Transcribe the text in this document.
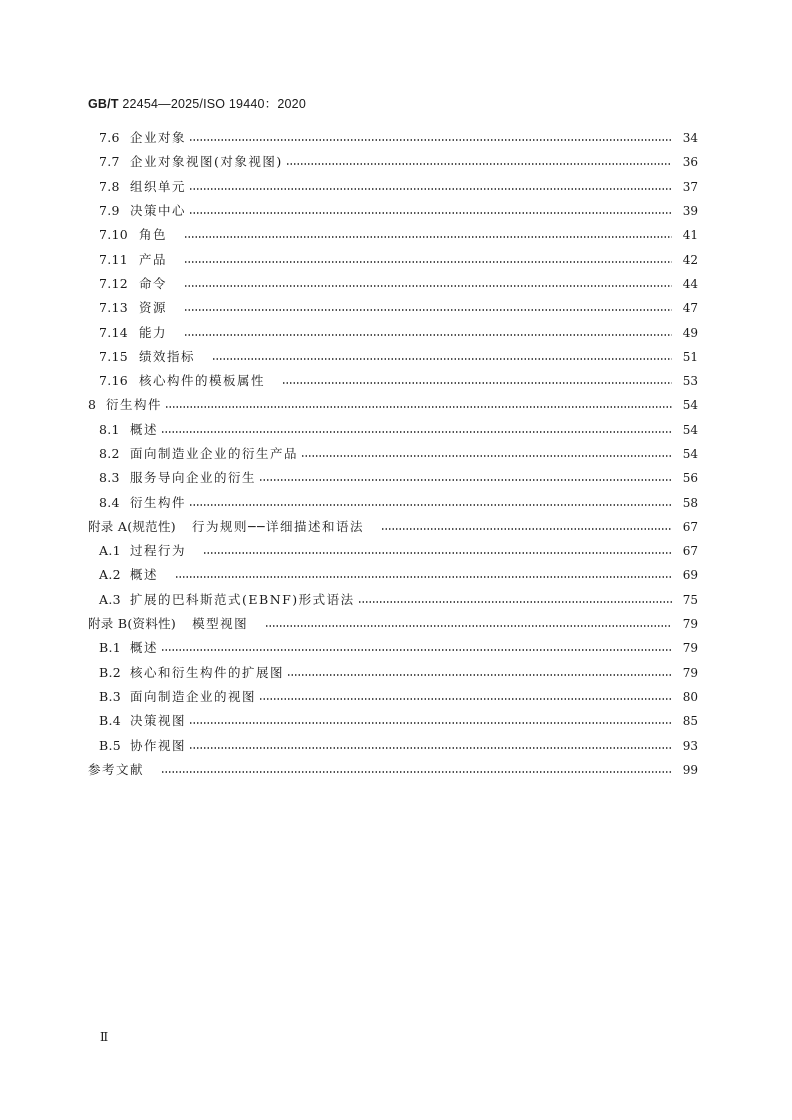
GB/T 22454—2025/ISO 19440：2020
7.6 企业对象	34
7.7 企业对象视图(对象视图)	36
7.8 组织单元	37
7.9 决策中心	39
7.10 角色	41
7.11 产品	42
7.12 命令	44
7.13 资源	47
7.14 能力	49
7.15 绩效指标	51
7.16 核心构件的模板属性	53
8 衍生构件	54
8.1 概述	54
8.2 面向制造业企业的衍生产品	54
8.3 服务导向企业的衍生	56
8.4 衍生构件	58
附录 A(规范性) 行为规则──详细描述和语法	67
A.1 过程行为	67
A.2 概述	69
A.3 扩展的巴科斯范式(EBNF)形式语法	75
附录 B(资料性) 模型视图	79
B.1 概述	79
B.2 核心和衍生构件的扩展图	79
B.3 面向制造企业的视图	80
B.4 决策视图	85
B.5 协作视图	93
参考文献	99
Ⅱ
